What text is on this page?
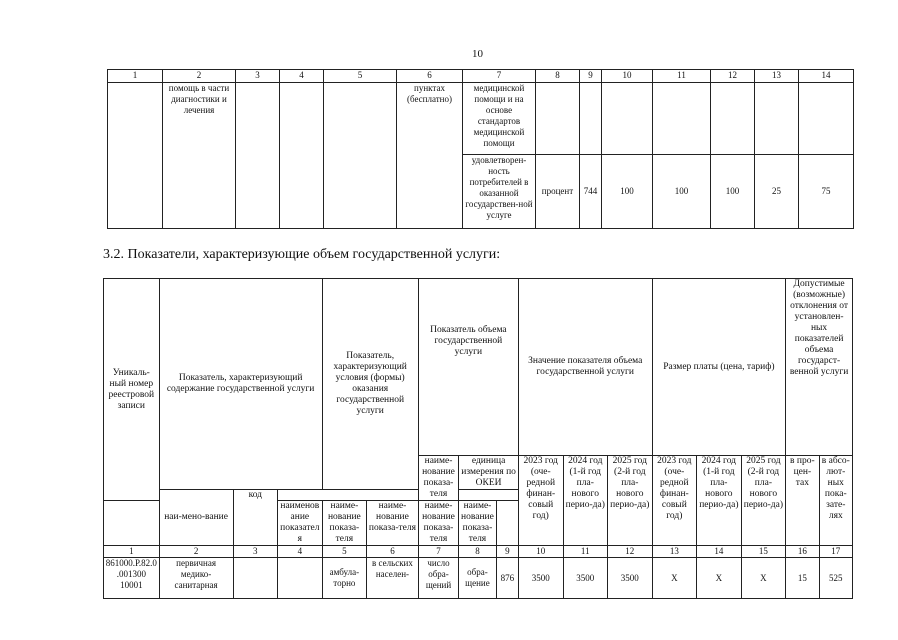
10
1	2	3	4	5	6	7	8	9	10	11	12	13	14
	помощь в части диагностики и лечения				пунктах (бесплатно)	медицинской помощи и на основе стандартов медицинской помощи							
						удовлетворен-ность потребителей в оказанной государствен-ной услуге	процент	744	100	100	100	25	75
3.2. Показатели, характеризующие объем государственной услуги:
Уникаль-ный номер реестровой записи	Показатель, характеризующий содержание государственной услуги			Показатель, характеризующий условия (формы) оказания государственной услуги		Показатель объема государственной услуги			Значение показателя объема государственной услуги			Размер платы (цена, тариф)			Допустимые (возможные) отклонения от установлен-ных показателей объема государст-венной услуги	
						наиме-нование показа-теля	единица измерения по ОКЕИ		2023 год (оче-редной финан-совый год)	2024 год (1-й год пла-нового перио-да)	2025 год (2-й год пла-нового перио-да)	2023 год (оче-редной финан-совый год)	2024 год (1-й год пла-нового перио-да)	2025 год (2-й год пла-нового перио-да)	в про-цен-тах	в абсо-лют-ных пока-зате-лях
	наи-мено-вание	код														
			наименование показателя	наиме-нование показа-теля	наиме-нование показа-теля	наиме-нование показа-теля	наиме-нование показа-теля									
1	2	3	4	5	6	7	8	9	10	11	12	13	14	15	16	17
861000.Р.82.0.001300 10001	первичная медико-санитарная			амбула-торно	в сельских населен-	число обра-щений	обра-щение	876	3500	3500	3500	Х	Х	Х	15	525
